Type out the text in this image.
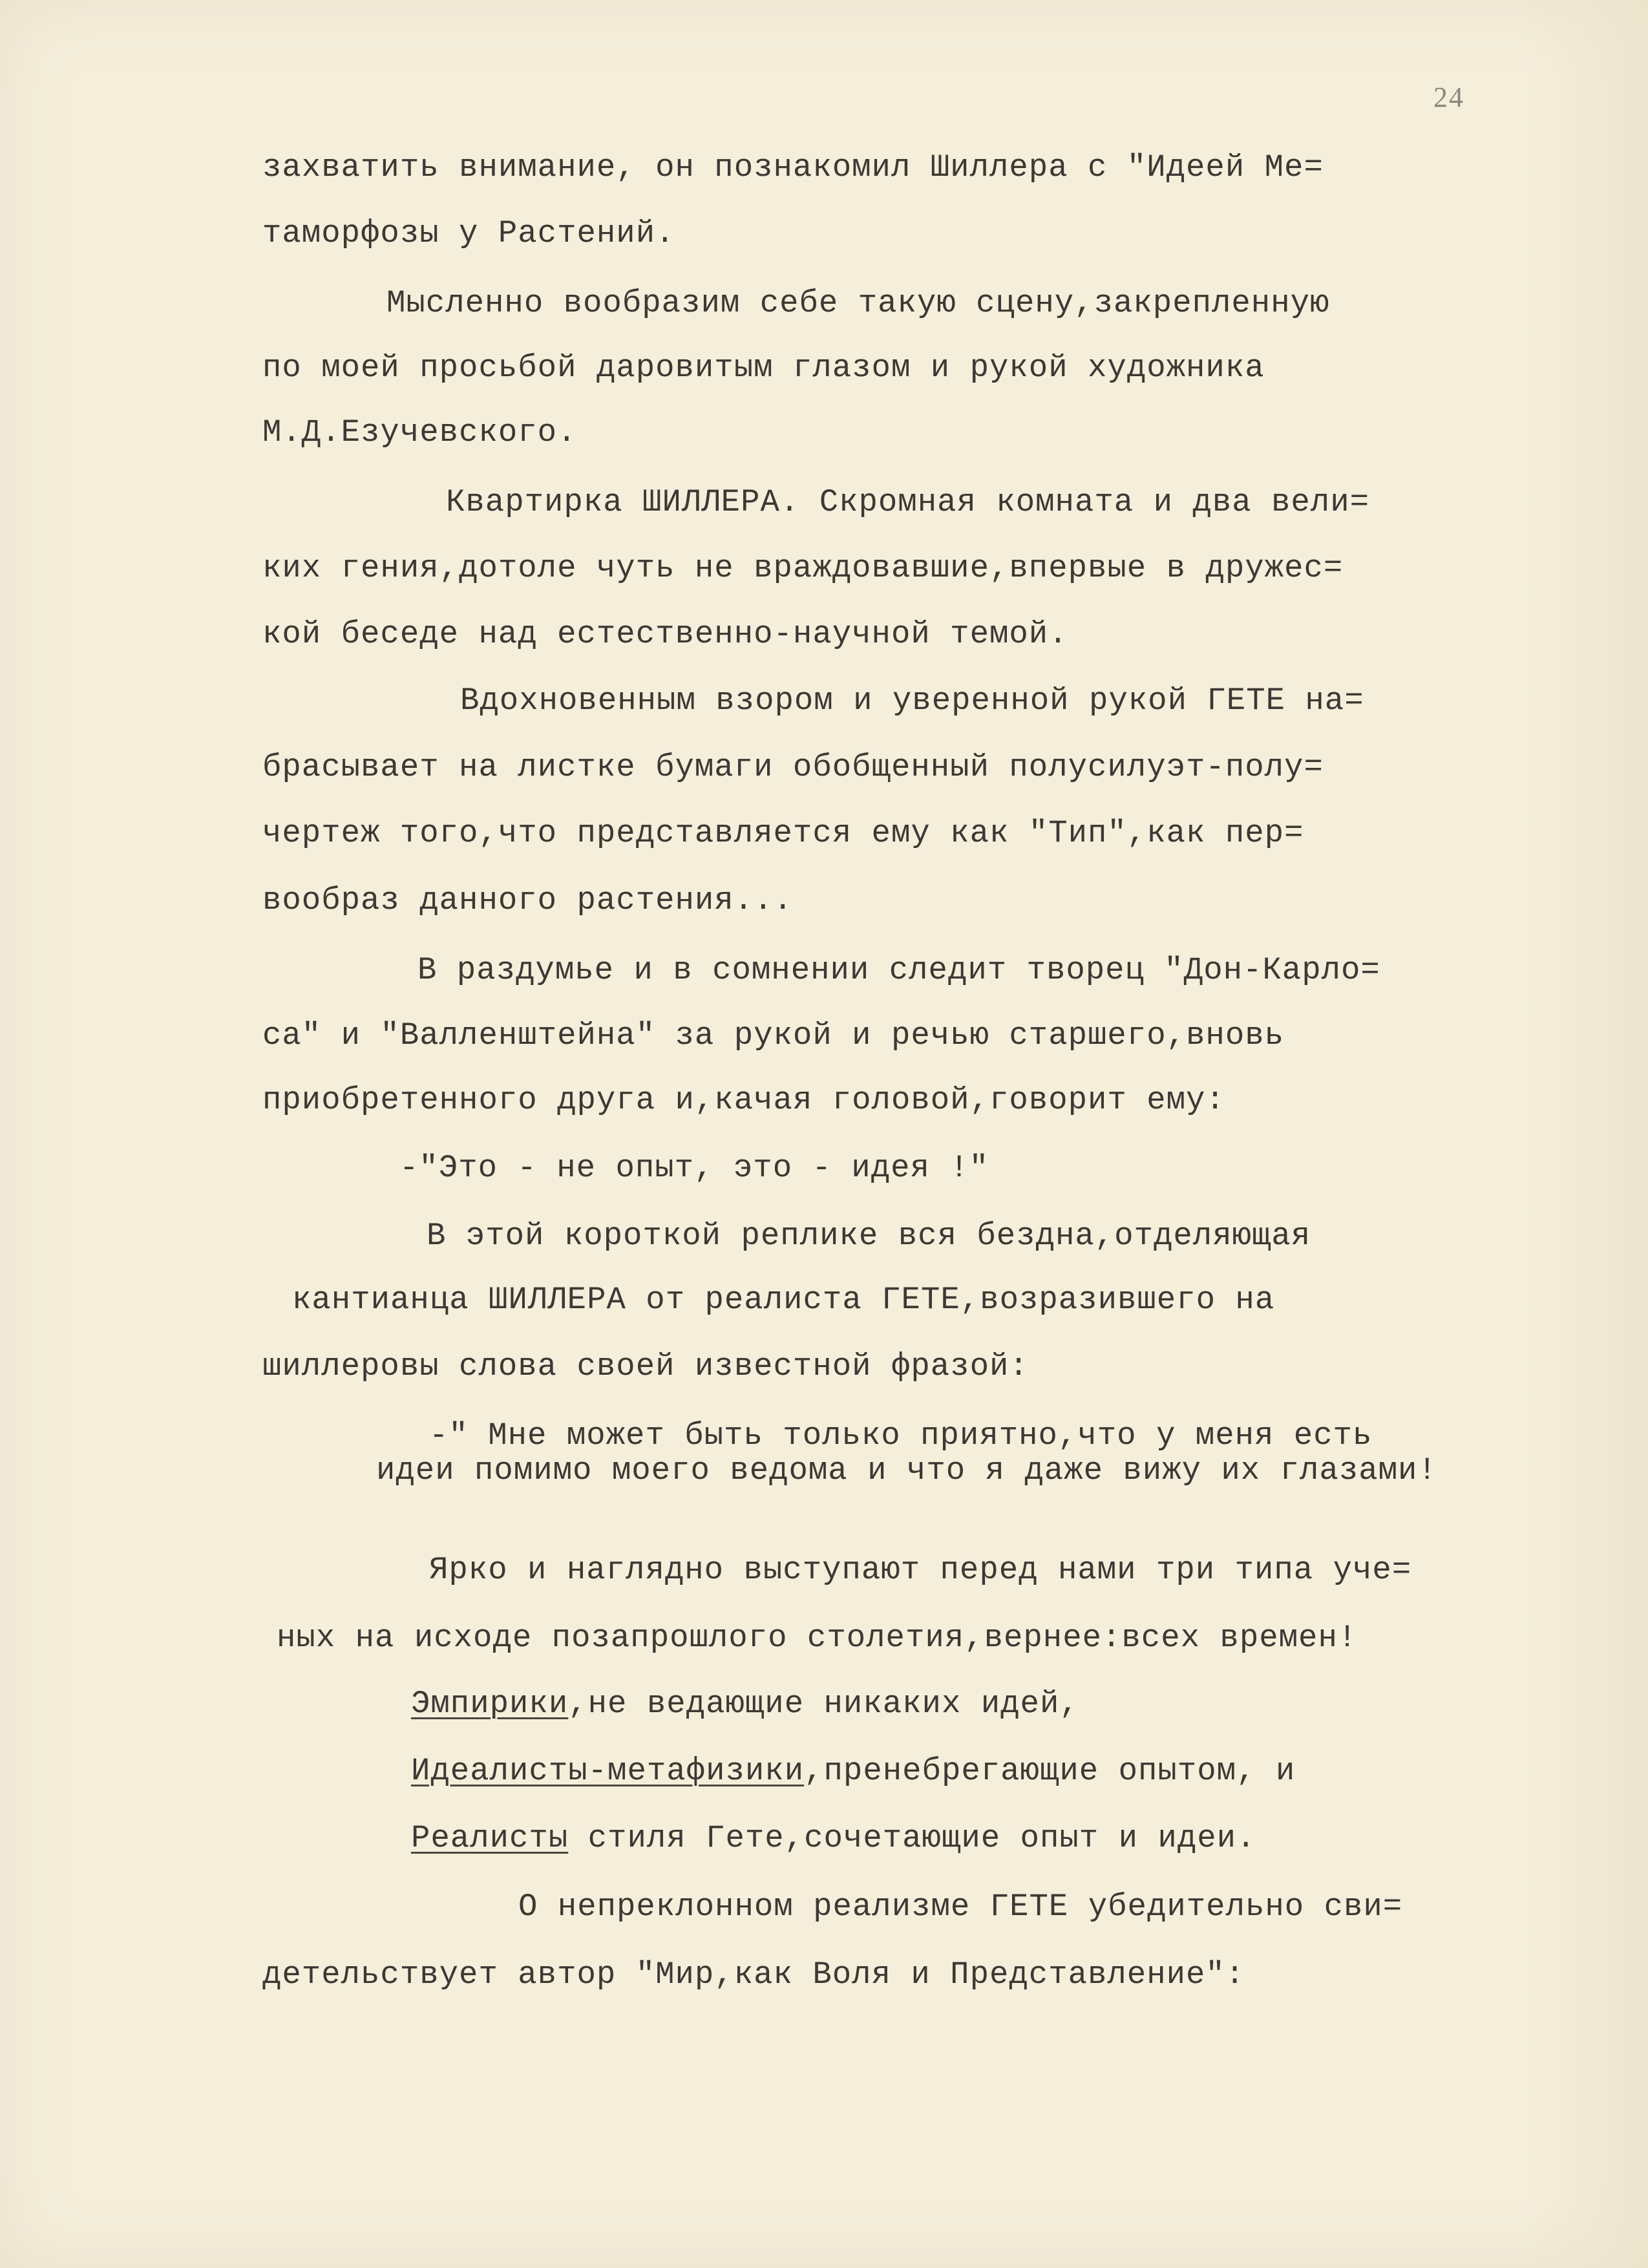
24
захватить внимание, он познакомил Шиллера с "Идеей Ме=
таморфозы у Растений.
Мысленно вообразим себе такую сцену,закрепленную
по моей просьбой даровитым глазом и рукой художника
М.Д.Езучевского.
Квартирка ШИЛЛЕРА. Скромная комната и два вели=
ких гения,дотоле чуть не враждовавшие,впервые в дружес=
кой беседе над естественно-научной темой.
Вдохновенным взором и уверенной рукой ГЕТЕ на=
брасывает на листке бумаги обобщенный полусилуэт-полу=
чертеж того,что представляется ему как "Тип",как пер=
вообраз данного растения...
В раздумье и в сомнении следит творец "Дон-Карло=
са" и "Валленштейна" за рукой и речью старшего,вновь
приобретенного друга и,качая головой,говорит ему:
-"Это - не опыт, это - идея !"
В этой короткой реплике вся бездна,отделяющая
кантианца ШИЛЛЕРА от реалиста ГЕТЕ,возразившего на
шиллеровы слова своей известной фразой:
-" Мне может быть только приятно,что у меня есть
идеи помимо моего ведома и что я даже вижу их глазами!
Ярко и наглядно выступают перед нами три типа уче=
ных на исходе позапрошлого столетия,вернее:всех времен!
Эмпирики,не ведающие никаких идей,
Идеалисты-метафизики,пренебрегающие опытом, и
Реалисты стиля Гете,сочетающие опыт и идеи.
О непреклонном реализме ГЕТЕ убедительно сви=
детельствует автор "Мир,как Воля и Представление":
